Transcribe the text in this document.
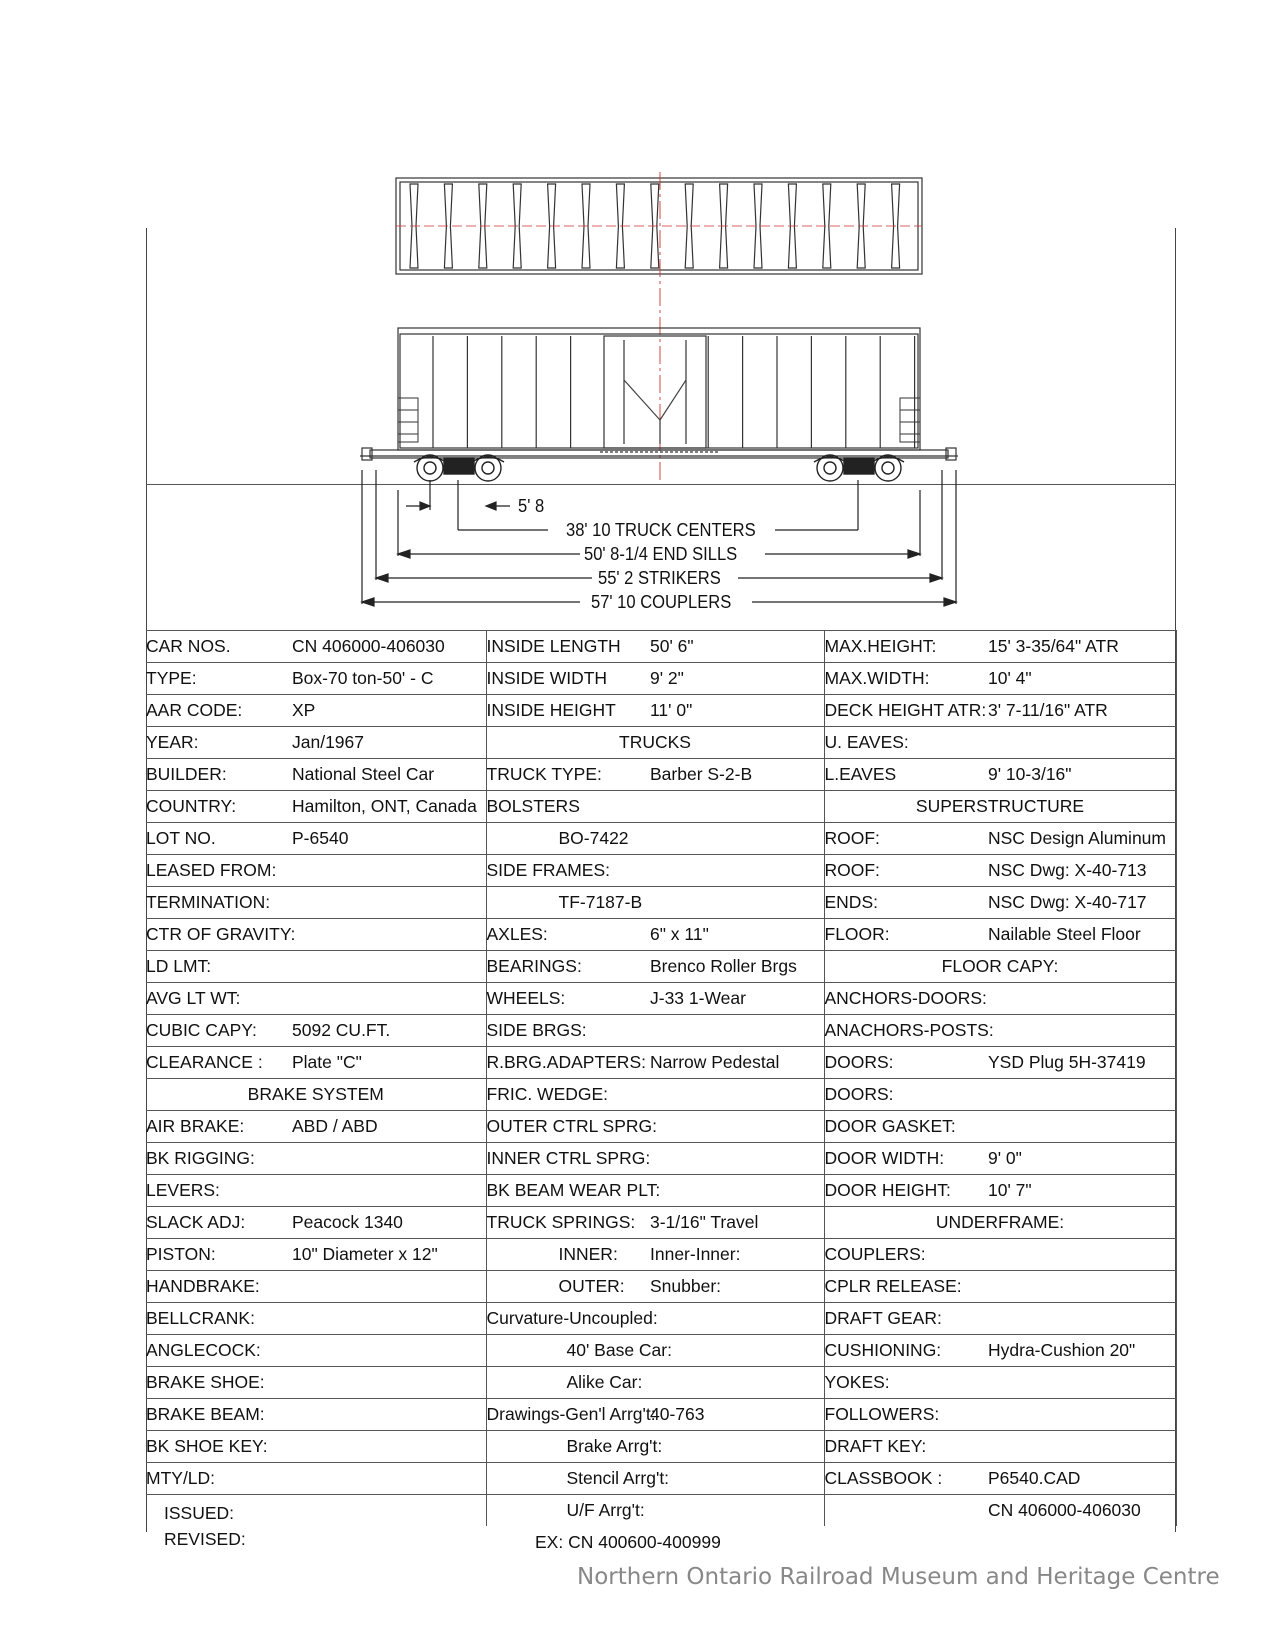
5' 8
38' 10 TRUCK CENTERS
50' 8-1/4 END SILLS
55' 2 STRIKERS
57' 10 COUPLERS
CAR NOS.	CN 406000-406030	INSIDE LENGTH	50' 6"	MAX.HEIGHT:	15' 3-35/64" ATR
TYPE:	Box-70 ton-50' - C	INSIDE WIDTH	9' 2"	MAX.WIDTH:	10' 4"
AAR CODE:	XP	INSIDE HEIGHT	11' 0"	DECK HEIGHT ATR:	3' 7-11/16" ATR
YEAR:	Jan/1967	TRUCKS		U. EAVES:	
BUILDER:	National Steel Car	TRUCK TYPE:	Barber S-2-B	L.EAVES	9' 10-3/16"
COUNTRY:	Hamilton, ONT, Canada	BOLSTERS		SUPERSTRUCTURE	
LOT NO.	P-6540	BO-7422		ROOF:	NSC Design Aluminum
LEASED FROM:		SIDE FRAMES:		ROOF:	NSC Dwg: X-40-713
TERMINATION:		TF-7187-B		ENDS:	NSC Dwg: X-40-717
CTR OF GRAVITY:		AXLES:	6" x 11"	FLOOR:	Nailable Steel Floor
LD LMT:		BEARINGS:	Brenco Roller Brgs	FLOOR CAPY:	
AVG LT WT:		WHEELS:	J-33 1-Wear	ANCHORS-DOORS:	
CUBIC CAPY:	5092 CU.FT.	SIDE BRGS:		ANACHORS-POSTS:	
CLEARANCE :	Plate "C"	R.BRG.ADAPTERS:	Narrow Pedestal	DOORS:	YSD Plug 5H-37419
BRAKE SYSTEM		FRIC. WEDGE:		DOORS:	
AIR BRAKE:	ABD / ABD	OUTER CTRL SPRG:		DOOR GASKET:	
BK RIGGING:		INNER CTRL SPRG:		DOOR WIDTH:	9' 0"
LEVERS:		BK BEAM WEAR PLT:		DOOR HEIGHT:	10' 7"
SLACK ADJ:	Peacock 1340	TRUCK SPRINGS:	3-1/16" Travel	UNDERFRAME:	
PISTON:	10" Diameter x 12"	INNER:	Inner-Inner:	COUPLERS:	
HANDBRAKE:		OUTER:	Snubber:	CPLR RELEASE:	
BELLCRANK:		Curvature-Uncoupled:		DRAFT GEAR:	
ANGLECOCK:		40' Base Car:		CUSHIONING:	Hydra-Cushion 20"
BRAKE SHOE:		Alike Car:		YOKES:	
BRAKE BEAM:		Drawings-Gen'l Arrg't:	40-763	FOLLOWERS:	
BK SHOE KEY:		Brake Arrg't:		DRAFT KEY:	
MTY/LD:		Stencil Arrg't:		CLASSBOOK :	P6540.CAD
		U/F Arrg't:			CN 406000-406030
ISSUED:
REVISED:	EX: CN 400600-400999
Northern Ontario Railroad Museum and Heritage Centre
